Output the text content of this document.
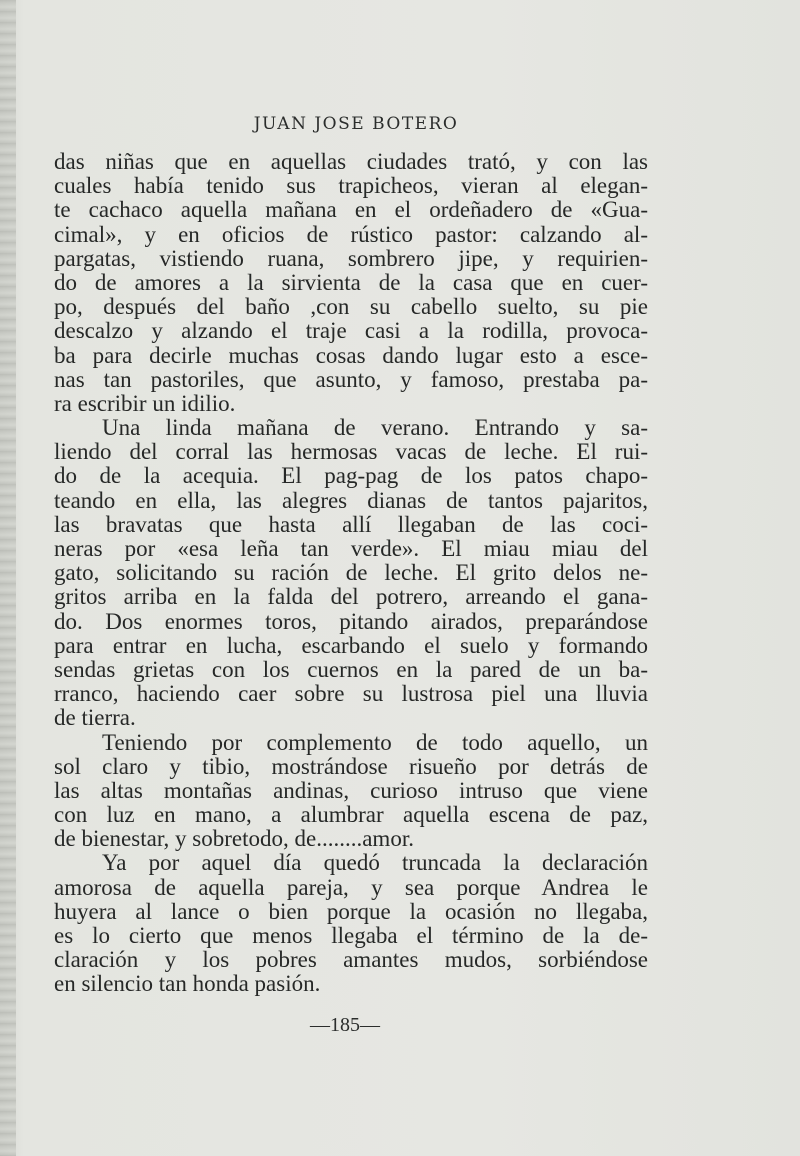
JUAN JOSE BOTERO
das niñas que en aquellas ciudades trató, y con las
cuales había tenido sus trapicheos, vieran al elegan-
te cachaco aquella mañana en el ordeñadero de «Gua-
cimal», y en oficios de rústico pastor: calzando al-
pargatas, vistiendo ruana, sombrero jipe, y requirien-
do de amores a la sirvienta de la casa que en cuer-
po, después del baño ,con su cabello suelto, su pie
descalzo y alzando el traje casi a la rodilla, provoca-
ba para decirle muchas cosas dando lugar esto a esce-
nas tan pastoriles, que asunto, y famoso, prestaba pa-
ra escribir un idilio.
Una linda mañana de verano. Entrando y sa-
liendo del corral las hermosas vacas de leche. El rui-
do de la acequia. El pag-pag de los patos chapo-
teando en ella, las alegres dianas de tantos pajaritos,
las bravatas que hasta allí llegaban de las coci-
neras por «esa leña tan verde». El miau miau del
gato, solicitando su ración de leche. El grito delos ne-
gritos arriba en la falda del potrero, arreando el gana-
do. Dos enormes toros, pitando airados, preparándose
para entrar en lucha, escarbando el suelo y formando
sendas grietas con los cuernos en la pared de un ba-
rranco, haciendo caer sobre su lustrosa piel una lluvia
de tierra.
Teniendo por complemento de todo aquello, un
sol claro y tibio, mostrándose risueño por detrás de
las altas montañas andinas, curioso intruso que viene
con luz en mano, a alumbrar aquella escena de paz,
de bienestar, y sobretodo, de........amor.
Ya por aquel día quedó truncada la declaración
amorosa de aquella pareja, y sea porque Andrea le
huyera al lance o bien porque la ocasión no llegaba,
es lo cierto que menos llegaba el término de la de-
claración y los pobres amantes mudos, sorbiéndose
en silencio tan honda pasión.
—185—
